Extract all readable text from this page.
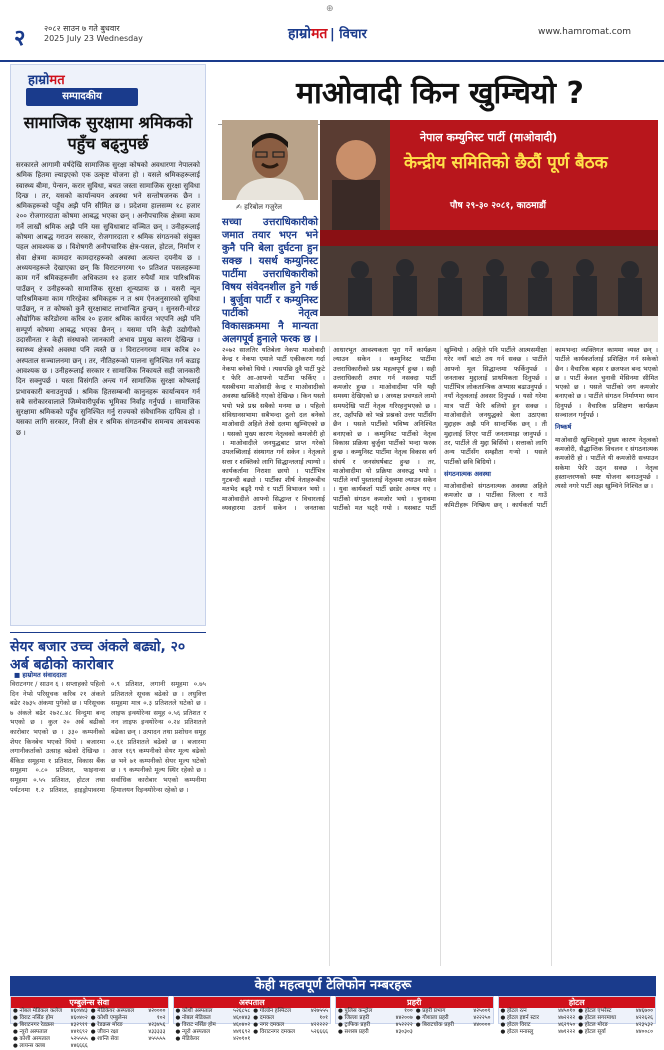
⊕
२ २०८२ साउन ७ गते बुधवार
2025 July 23 Wednesday	हाम्रोमत | विचार	www.hamromat.com
हाम्रोमत
सम्पादकीय
सामाजिक सुरक्षामा श्रमिकको पहुँच बढ्नुपर्छ
सरकारले आगामी वर्षदेखि सामाजिक सुरक्षा कोषको अवधारणा नेपालको श्रमिक हितमा ल्याइएको एक उत्कृष्ट योजना हो । यसले श्रमिकहरूलाई स्वास्थ्य बीमा, पेन्सन, करार सुविधा, बचत जस्ता सामाजिक सुरक्षा सुविधा दिन्छ । तर, यसको कार्यान्वयन अवस्था भने सन्तोषजनक छैन । श्रमिकहरूको पहुँच अझै पनि सीमित छ । प्रदेशमा हालसम्म १८ हजार २०० रोजगारदाता कोषमा आबद्ध भएका छन् । अनौपचारिक क्षेत्रमा काम गर्ने लाखौं श्रमिक अझै पनि यस सुविधाबाट वञ्चित छन् । उनीहरूलाई कोषमा आबद्ध गराउन सरकार, रोजगारदाता र श्रमिक संगठनको संयुक्त पहल आवश्यक छ । विशेषगरी अनौपचारिक क्षेत्र-पसल, होटल, निर्माण र सेवा क्षेत्रमा कामदार कामदारहरूको अवस्था अत्यन्त दयनीय छ । अध्ययनहरूले देखाएका छन् कि विराटनगरमा ९० प्रतिशत पसलहरूमा काम गर्ने श्रमिकहरूसँग अधिकतम १२ हजार रुपैयाँ मात्र पारिश्रमिक पाउँछन् र उनीहरूको सामाजिक सुरक्षा शून्यप्रायः छ । यसरी न्यून पारिश्रमिकमा काम गरिरहेका श्रमिकहरू न त श्रम ऐनअनुसारको सुविधा पाउँछन्, न त कोषको कुनै सुरक्षाबाट लाभान्वित हुन्छन् । सुनसरी-मोरङ औद्योगिक करिडोरमा करिब २० हजार श्रमिक कार्यरत भएपनि अझै पनि सम्पूर्ण कोषमा आबद्ध भएका छैनन् । यसमा पनि केही उद्योगीको उदासीनता र केही संस्थाको जानकारी अभाव प्रमुख कारण देखिन्छ । स्वास्थ्य क्षेत्रको अवस्था पनि त्यस्तै छ । विराटनगरमा मात्र करिब २० अस्पताल सञ्चालनमा छन् । तर, नीतिहरूको पालना सुनिश्चित गर्न कडाइ आवश्यक छ । उनीहरूलाई सरकार र सामाजिक निकायले सही जानकारी दिन सक्नुपर्छ । यस्ता विसंगति अन्त्य गर्न सामाजिक सुरक्षा कोषलाई प्रभावकारी बनाउनुपर्छ । श्रमिक हितसम्बन्धी कानुनहरू कार्यान्वयन गर्न सबै सरोकारवालाले जिम्मेवारीपूर्वक भूमिका निर्वाह गर्नुपर्छ । सामाजिक सुरक्षामा श्रमिकको पहुँच सुनिश्चित गर्नु राज्यको संवैधानिक दायित्व हो । यसका लागि सरकार, निजी क्षेत्र र श्रमिक संगठनबीच समन्वय आवश्यक छ ।
सेयर बजार उच्च अंकले बढ्यो, २० अर्ब बढीको कारोबार
■ हाम्रोमत संवाददाता
विराटनगर / साउन ६ । सप्ताहको पहिलो दिन नेप्से परिसूचक करिब २१ अंकले बढेर २७३५ अंकमा पुगेको छ । परिसूचक ७ अंकले बढेर २७२८.४८ विन्दुमा बन्द भएको छ । कुल २० अर्ब बढीको कारोबार भएको छ । ३३० कम्पनीको शेयर किनबेच भएको थियो । बजारमा लगानीकर्ताको उत्साह बढेको देखिन्छ । बैंकिङ समूहमा १ प्रतिशत, विकास बैंक समूहमा ०.८० प्रतिशत, फाइनान्स समूहमा ०.५५ प्रतिशत, होटल तथा पर्यटनमा १.२ प्रतिशत, हाइड्रोपावरमा ०.९ प्रतिशत, लगानी समूहमा ०.७५ प्रतिशतले सूचक बढेको छ । लघुवित्त समूहमा मात्र ०.३ प्रतिशतले घटेको छ । लाइफ इन्स्योरेन्स समूह ०.५६ प्रतिशत र नन लाइफ इन्स्योरेन्स ०.२४ प्रतिशतले बढेका छन् । उत्पादन तथा प्रशोधन समूह ०.६१ प्रतिशतले बढेको छ । बजारमा आज १६९ कम्पनीको सेयर मूल्य बढेको छ भने ७१ कम्पनीको सेयर मूल्य घटेको छ । ९ कम्पनीको मूल्य स्थिर रहेको छ । सर्वाधिक कारोबार भएको कम्पनीमा हिमालयन रिइन्स्योरेन्स रहेको छ ।
माओवादी किन खुम्चियो ?
✍ हरिबोल गजुरेल
सच्चा उत्तराधिकारीको जमात तयार भएन भने कुनै पनि बेला दुर्घटना हुन सक्छ । यसर्थ कम्युनिस्ट पार्टीमा उत्तराधिकारीको विषय संवेदनशील हुने गर्छ । बुर्जुवा पार्टी र कम्युनिस्ट पार्टीको नेतृत्व विकासक्रममा नै मान्यता अलगपूर्व हुनाले फरक छ ।
नेपाल कम्युनिस्ट पार्टी (माओवादी)
केन्द्रीय समितिको छैठौं पूर्ण बैठक
पौष २९-३० २०८१, काठमाडौं
२०७२ सालतिर यतिबेला नेकपा माओवादी केन्द्र र नेकपा एमाले पार्टी एकीकरण गर्दा नेकपा बनेको थियो । त्यसपछि दुवै पार्टी फुटे र फेरि आ-आफ्नो पार्टीमा फर्किए । यसबीचमा माओवादी केन्द्र र माओवादीको अवस्था खस्किँदै गएको देखिन्छ । किन यस्तो भयो भन्ने प्रश्न सबैको मनमा छ । पहिलो संविधानसभामा सबैभन्दा ठूलो दल बनेको माओवादी अहिले तेस्रो दलमा खुम्चिएको छ । यसको मुख्य कारण नेतृत्वको कमजोरी हो । माओवादीले जनयुद्धबाट प्राप्त गरेको उपलब्धिलाई संस्थागत गर्न सकेन । नेतृत्वले सत्ता र शक्तिको लागि सिद्धान्तलाई त्याग्यो । कार्यकर्तामा निराशा छायो । पार्टीभित्र गुटबन्दी बढ्यो । पार्टीका शीर्ष नेताहरूबीच मतभेद बढ्दै गयो र पार्टी विभाजन भयो । माओवादीले आफ्नो सिद्धान्त र विचारलाई व्यवहारमा उतार्न सकेन । जनताका आधारभूत आवश्यकता पूरा गर्ने कार्यक्रम ल्याउन सकेन । कम्युनिस्ट पार्टीमा उत्तराधिकारीको प्रश्न महत्वपूर्ण हुन्छ । सही उत्तराधिकारी तयार गर्न नसक्दा पार्टी कमजोर हुन्छ । माओवादीमा पनि यही समस्या देखिएको छ । अध्यक्ष प्रचण्डले लामो समयदेखि पार्टी नेतृत्व गरिरहनुभएको छ । तर, उहाँपछि को भन्ने प्रश्नको उत्तर पार्टीसँग छैन । यसले पार्टीको भविष्य अनिश्चित बनाएको छ । कम्युनिस्ट पार्टीको नेतृत्व विकास प्रक्रिया बुर्जुवा पार्टीको भन्दा फरक हुन्छ । कम्युनिस्ट पार्टीमा नेतृत्व विकास वर्ग संघर्ष र जनसंघर्षबाट हुन्छ । तर, माओवादीमा यो प्रक्रिया अवरुद्ध भयो । पार्टीले नयाँ पुस्तालाई नेतृत्वमा ल्याउन सकेन । युवा कार्यकर्ता पार्टी छाडेर अन्यत्र गए । पार्टीको संगठन कमजोर भयो । चुनावमा पार्टीको मत घट्दै गयो । यसबाट पार्टी खुम्चियो । अहिले पनि पार्टीले आत्मसमीक्षा गरेर नयाँ बाटो तय गर्न सक्छ । पार्टीले आफ्नो मूल सिद्धान्तमा फर्किनुपर्छ । जनताका मुद्दालाई प्राथमिकता दिनुपर्छ । पार्टीभित्र लोकतान्त्रिक अभ्यास बढाउनुपर्छ । नयाँ नेतृत्वलाई अवसर दिनुपर्छ । यसो गरेमा मात्र पार्टी फेरि बलियो हुन सक्छ । माओवादीले जनयुद्धको बेला उठाएका मुद्दाहरू अझै पनि सान्दर्भिक छन् । ती मुद्दालाई लिएर पार्टी जनतामाझ जानुपर्छ । तर, पार्टीले ती मुद्दा बिर्सियो । सत्ताको लागि अन्य पार्टीसँग सम्झौता गर्‍यो । यसले पार्टीको छवि बिग्रियो ।
संगठनात्मक अवस्था
माओवादीको संगठनात्मक अवस्था अहिले कमजोर छ । पार्टीका जिल्ला र गाउँ कमिटीहरू निष्क्रिय छन् । कार्यकर्ता पार्टी कामभन्दा व्यक्तिगत काममा व्यस्त छन् । पार्टीले कार्यकर्तालाई प्रशिक्षित गर्न सकेको छैन । वैचारिक बहस र छलफल बन्द भएको छ । पार्टी केवल चुनावी मेसिनमा सीमित भएको छ । यसले पार्टीको जग कमजोर बनाएको छ । पार्टीले संगठन निर्माणमा ध्यान दिनुपर्छ । वैचारिक प्रशिक्षण कार्यक्रम सञ्चालन गर्नुपर्छ ।
निष्कर्ष
माओवादी खुम्चिनुको मुख्य कारण नेतृत्वको कमजोरी, सैद्धान्तिक विचलन र संगठनात्मक कमजोरी हो । पार्टीले यी कमजोरी सच्याउन सकेमा फेरि उठ्न सक्छ । नेतृत्व हस्तान्तरणको स्पष्ट योजना बनाउनुपर्छ । त्यसो नगरे पार्टी अझ खुम्चिने निश्चित छ ।
केही महत्वपूर्ण टेलिफोन नम्बरहरू
एम्बुलेन्स सेवा
● नोबल मेडिकल कलेज ४६०४४३
● विराट नर्सिङ होम	४६०४०२
● बिराटनगर रेडक्रस	४३२९११
● न्यूरो अस्पताल	४४१६९२
● कोशी अस्पताल	५२५५५५
● लायन्स क्लब	४४६६६६
● मेडिकेयर अस्पताल	४२००००
● कोशी एम्बुलेन्स	१०२
● रेडक्रस मोरङ	४२३४५६
● जीवन रक्षा	४३३३३३
● शान्ति सेवा	४५५५५५
अस्पताल
● कोशी अस्पताल	५२६८५८
● नोबल मेडिकल	४६०४४३
● विराट नर्सिङ होम	४६०४०२
● न्यूरो अस्पताल	४४१६९२
● मेडिकेयर	४२०१०१
● गोल्डेन हस्पिटल	४२७५५५
● दमकल	१०१
● नगर दमकल	४२२२२२
● विराटनगर दमकल	५२६६६६
प्रहरी
● पुलिस कन्ट्रोल	१००
● जिल्ला प्रहरी	४४२००७
● ट्राफिक प्रहरी	४५२२२२
● सशस्त्र प्रहरी	४३०३०३
● प्रहरी प्रभाग	४२५००१
● गौशाला प्रहरी	४२२२५०
● बिराटचोक प्रहरी	४४००००
होटल
● होटल रत्न	४४५०१०
● होटल इष्टर्न स्टार	४७२२२२
● होटल विराट	४६२९५०
● होटल मनास्लु	४७१२२२
● होटल एभरेस्ट	४४६७००
● होटल सगरमाथा	४२२६२६
● होटल मोरङ	४२३५३२
● होटल सूर्या	४४००८०
